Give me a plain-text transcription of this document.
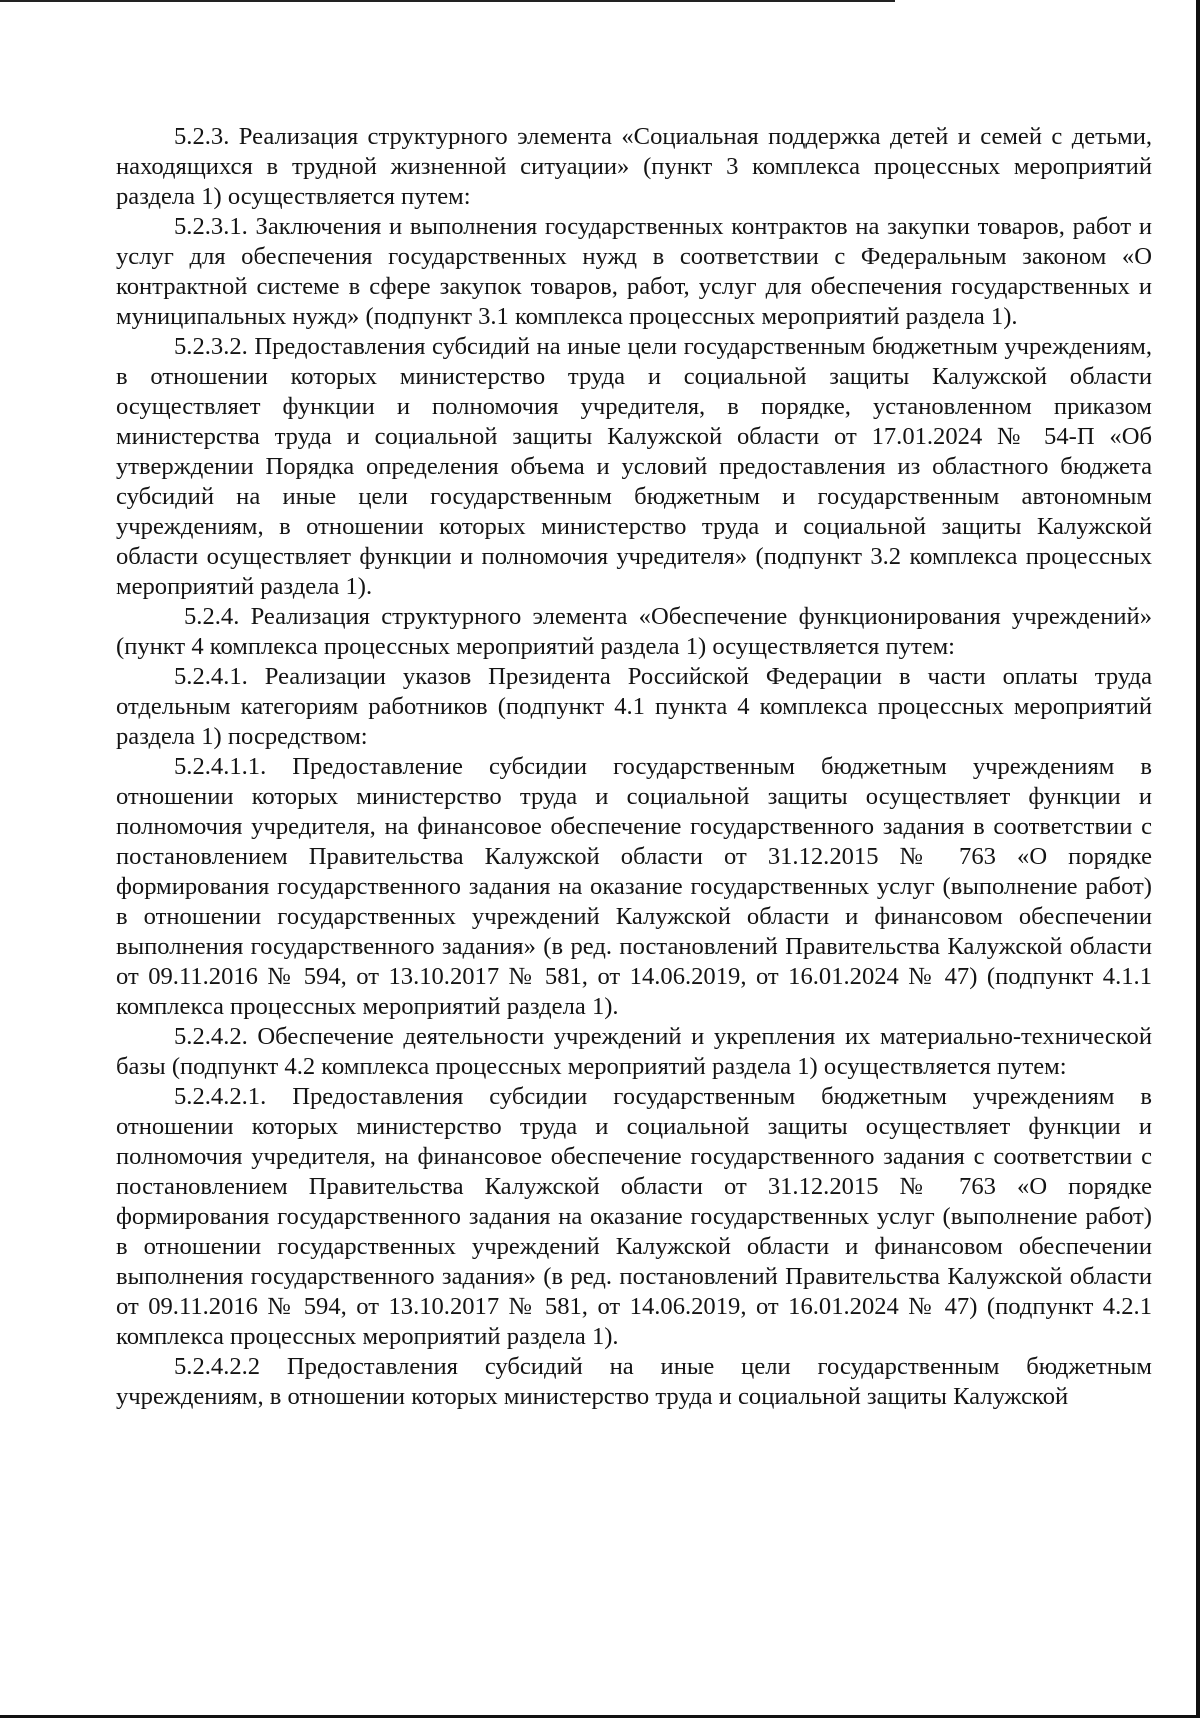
5.2.3. Реализация структурного элемента «Социальная поддержка детей и семей с детьми, находящихся в трудной жизненной ситуации» (пункт 3 комплекса процессных мероприятий раздела 1) осуществляется путем:

5.2.3.1. Заключения и выполнения государственных контрактов на закупки товаров, работ и услуг для обеспечения государственных нужд в соответствии с Федеральным законом «О контрактной системе в сфере закупок товаров, работ, услуг для обеспечения государственных и муниципальных нужд» (подпункт 3.1 комплекса процессных мероприятий раздела 1).

5.2.3.2. Предоставления субсидий на иные цели государственным бюджетным учреждениям, в отношении которых министерство труда и социальной защиты Калужской области осуществляет функции и полномочия учредителя, в порядке, установленном приказом министерства труда и социальной защиты Калужской области от 17.01.2024 № 54-П «Об утверждении Порядка определения объема и условий предоставления из областного бюджета субсидий на иные цели государственным бюджетным и государственным автономным учреждениям, в отношении которых министерство труда и социальной защиты Калужской области осуществляет функции и полномочия учредителя» (подпункт 3.2 комплекса процессных мероприятий раздела 1).

5.2.4. Реализация структурного элемента «Обеспечение функционирования учреждений» (пункт 4 комплекса процессных мероприятий раздела 1) осуществляется путем:

5.2.4.1. Реализации указов Президента Российской Федерации в части оплаты труда отдельным категориям работников (подпункт 4.1 пункта 4 комплекса процессных мероприятий раздела 1) посредством:

5.2.4.1.1. Предоставление субсидии государственным бюджетным учреждениям в отношении которых министерство труда и социальной защиты осуществляет функции и полномочия учредителя, на финансовое обеспечение государственного задания в соответствии с постановлением Правительства Калужской области от 31.12.2015 № 763 «О порядке формирования государственного задания на оказание государственных услуг (выполнение работ) в отношении государственных учреждений Калужской области и финансовом обеспечении выполнения государственного задания» (в ред. постановлений Правительства Калужской области от 09.11.2016 № 594, от 13.10.2017 № 581, от 14.06.2019, от 16.01.2024 № 47) (подпункт 4.1.1 комплекса процессных мероприятий раздела 1).

5.2.4.2. Обеспечение деятельности учреждений и укрепления их материально-технической базы (подпункт 4.2 комплекса процессных мероприятий раздела 1) осуществляется путем:

5.2.4.2.1. Предоставления субсидии государственным бюджетным учреждениям в отношении которых министерство труда и социальной защиты осуществляет функции и полномочия учредителя, на финансовое обеспечение государственного задания с соответствии с постановлением Правительства Калужской области от 31.12.2015 № 763 «О порядке формирования государственного задания на оказание государственных услуг (выполнение работ) в отношении государственных учреждений Калужской области и финансовом обеспечении выполнения государственного задания» (в ред. постановлений Правительства Калужской области от 09.11.2016 № 594, от 13.10.2017 № 581, от 14.06.2019, от 16.01.2024 № 47) (подпункт 4.2.1 комплекса процессных мероприятий раздела 1).

5.2.4.2.2 Предоставления субсидий на иные цели государственным бюджетным учреждениям, в отношении которых министерство труда и социальной защиты Калужской
